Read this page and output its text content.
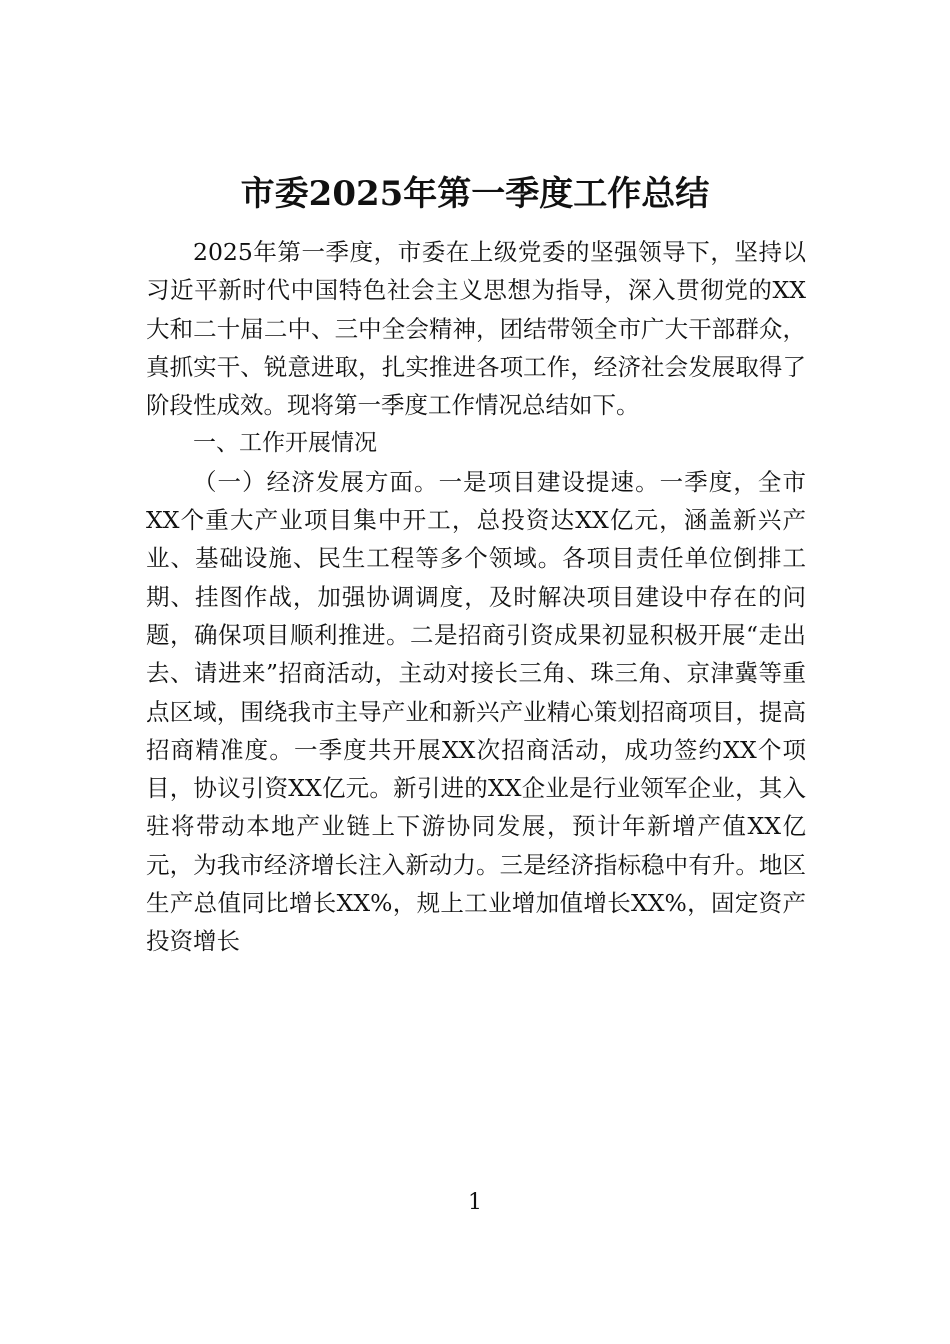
市委2025年第一季度工作总结

2025年第一季度，市委在上级党委的坚强领导下，坚持以习近平新时代中国特色社会主义思想为指导，深入贯彻党的XX大和二十届二中、三中全会精神，团结带领全市广大干部群众，真抓实干、锐意进取，扎实推进各项工作，经济社会发展取得了阶段性成效。现将第一季度工作情况总结如下。

一、工作开展情况

（一）经济发展方面。一是项目建设提速。一季度，全市XX个重大产业项目集中开工，总投资达XX亿元，涵盖新兴产业、基础设施、民生工程等多个领域。各项目责任单位倒排工期、挂图作战，加强协调调度，及时解决项目建设中存在的问题，确保项目顺利推进。二是招商引资成果初显积极开展“走出去、请进来”招商活动，主动对接长三角、珠三角、京津冀等重点区域，围绕我市主导产业和新兴产业精心策划招商项目，提高招商精准度。一季度共开展XX次招商活动，成功签约XX个项目，协议引资XX亿元。新引进的XX企业是行业领军企业，其入驻将带动本地产业链上下游协同发展，预计年新增产值XX亿元，为我市经济增长注入新动力。三是经济指标稳中有升。地区生产总值同比增长XX%，规上工业增加值增长XX%，固定资产投资增长

1
